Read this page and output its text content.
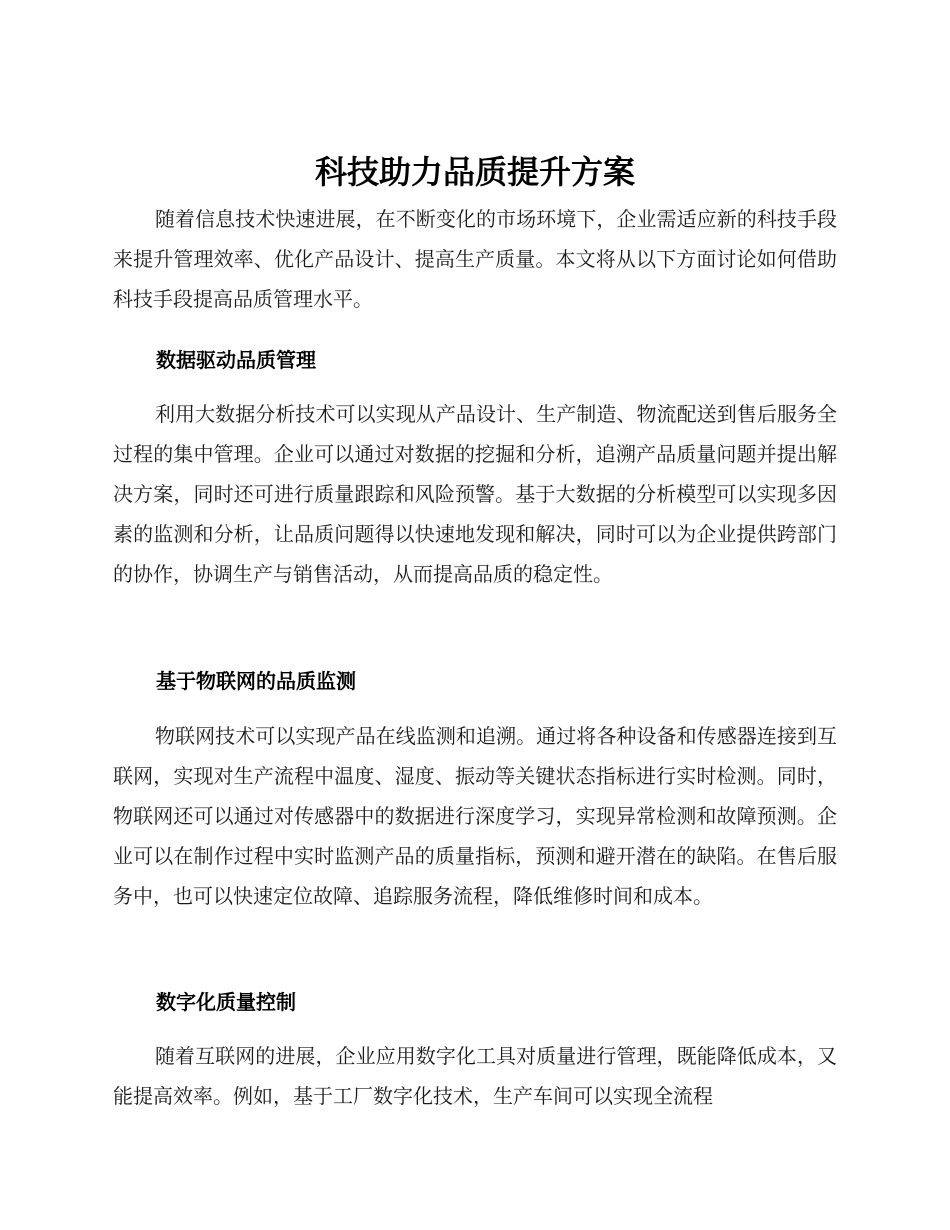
科技助力品质提升方案

随着信息技术快速进展，在不断变化的市场环境下，企业需适应新的科技手段来提升管理效率、优化产品设计、提高生产质量。本文将从以下方面讨论如何借助科技手段提高品质管理水平。

数据驱动品质管理

利用大数据分析技术可以实现从产品设计、生产制造、物流配送到售后服务全过程的集中管理。企业可以通过对数据的挖掘和分析，追溯产品质量问题并提出解决方案，同时还可进行质量跟踪和风险预警。基于大数据的分析模型可以实现多因素的监测和分析，让品质问题得以快速地发现和解决，同时可以为企业提供跨部门的协作，协调生产与销售活动，从而提高品质的稳定性。

基于物联网的品质监测

物联网技术可以实现产品在线监测和追溯。通过将各种设备和传感器连接到互联网，实现对生产流程中温度、湿度、振动等关键状态指标进行实时检测。同时，物联网还可以通过对传感器中的数据进行深度学习，实现异常检测和故障预测。企业可以在制作过程中实时监测产品的质量指标，预测和避开潜在的缺陷。在售后服务中，也可以快速定位故障、追踪服务流程，降低维修时间和成本。

数字化质量控制

随着互联网的进展，企业应用数字化工具对质量进行管理，既能降低成本，又能提高效率。例如，基于工厂数字化技术，生产车间可以实现全流程
